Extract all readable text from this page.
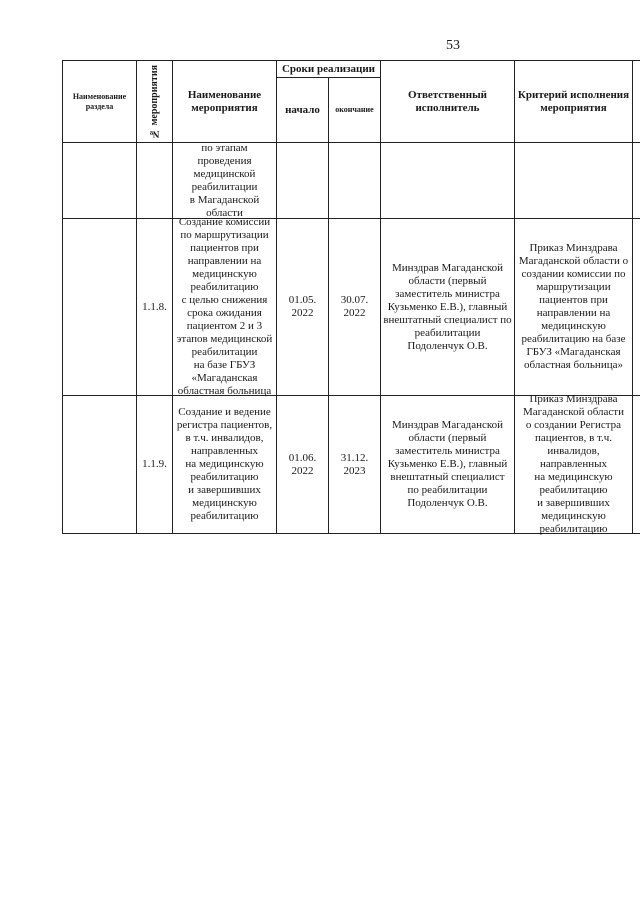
53
Наименование раздела	№ мероприятия	Наименование мероприятия
Сроки реализации
начало окончание
Ответственный исполнитель
Критерий исполнения мероприятия
по этапам
проведения
медицинской
реабилитации
в Магаданской
области
1.1.8.
Создание комиссии
по маршрутизации
пациентов при
направлении на
медицинскую
реабилитацию
с целью снижения
срока ожидания
пациентом 2 и 3
этапов медицинской
реабилитации
на базе ГБУЗ
«Магаданская
областная больница
01.05.
2022
30.07.
2022
Минздрав Магаданской
области (первый
заместитель министра
Кузьменко Е.В.), главный
внештатный специалист по
реабилитации
Подоленчук О.В.
Приказ Минздрава
Магаданской области о
создании комиссии по
маршрутизации
пациентов при
направлении на
медицинскую
реабилитацию на базе
ГБУЗ «Магаданская
областная больница»
1.1.9.
Создание и ведение
регистра пациентов,
в т.ч. инвалидов,
направленных
на медицинскую
реабилитацию
и завершивших
медицинскую
реабилитацию
01.06.
2022
31.12.
2023
Минздрав Магаданской
области (первый
заместитель министра
Кузьменко Е.В.), главный
внештатный специалист
по реабилитации
Подоленчук О.В.
Приказ Минздрава
Магаданской области
о создании Регистра
пациентов, в т.ч.
инвалидов,
направленных
на медицинскую
реабилитацию
и завершивших
медицинскую
реабилитацию
